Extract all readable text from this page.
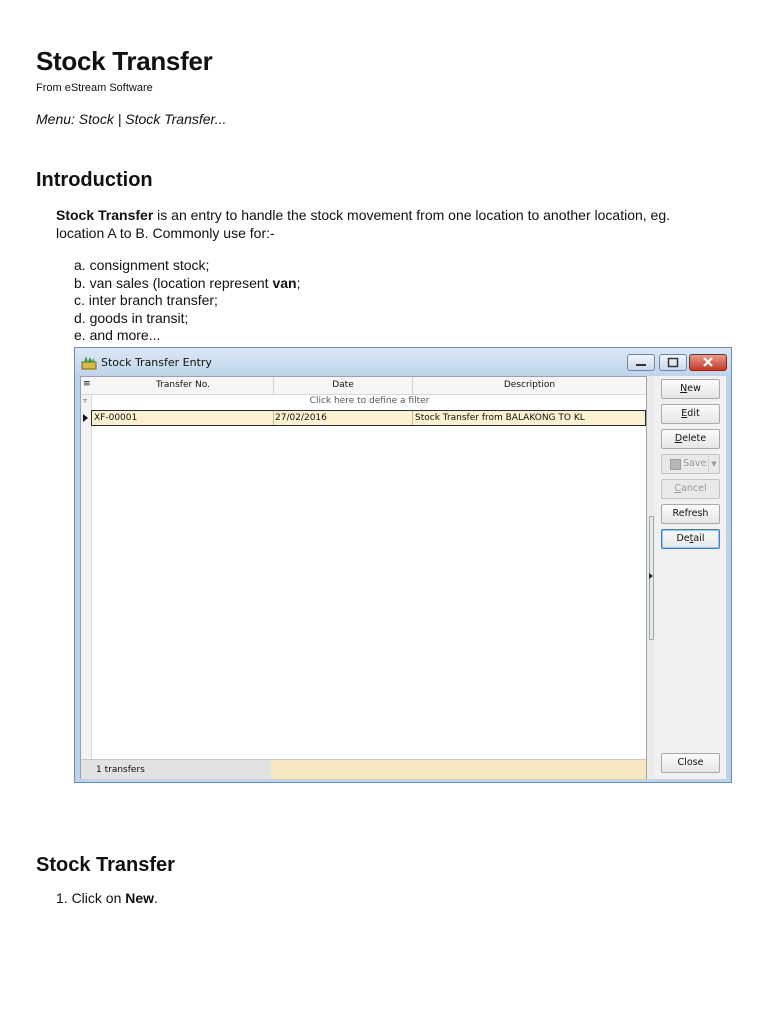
Stock Transfer
From eStream Software
Menu: Stock | Stock Transfer...
Introduction
Stock Transfer is an entry to handle the stock movement from one location to another location, eg. location A to B. Commonly use for:-
a. consignment stock;
b. van sales (location represent van;
c. inter branch transfer;
d. goods in transit;
e. and more...
Stock Transfer Entry
≡	Transfer No.	Date	Description
▿	Click here to define a filter
XF-00001	27/02/2016	Stock Transfer from BALAKONG TO KL
1 transfers
New
Edit
Delete
Save ▼
Cancel
Refresh
Detail
Close
Stock Transfer
1. Click on New.
